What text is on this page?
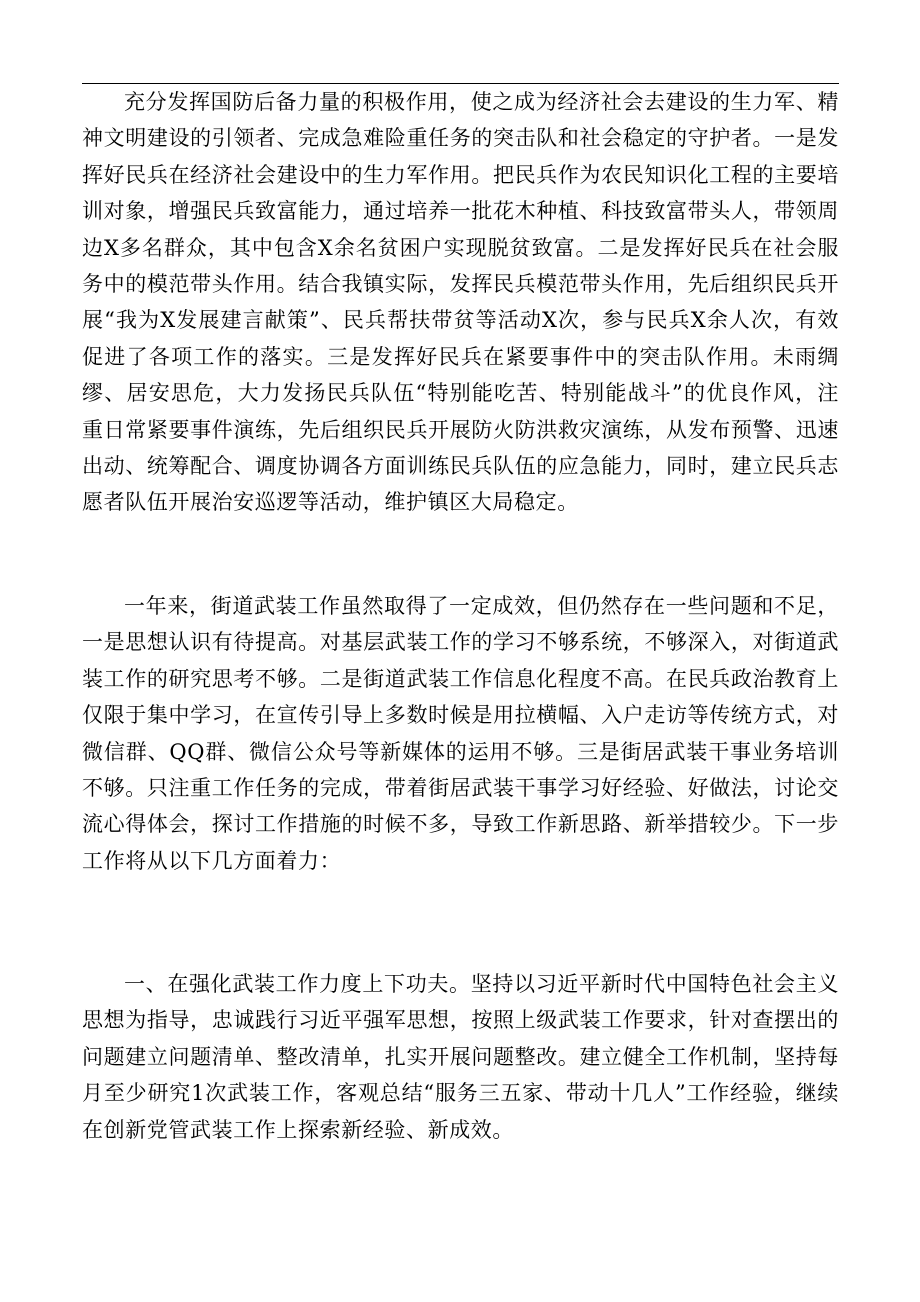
充分发挥国防后备力量的积极作用，使之成为经济社会去建设的生力军、精神文明建设的引领者、完成急难险重任务的突击队和社会稳定的守护者。一是发挥好民兵在经济社会建设中的生力军作用。把民兵作为农民知识化工程的主要培训对象，增强民兵致富能力，通过培养一批花木种植、科技致富带头人，带领周边X多名群众，其中包含X余名贫困户实现脱贫致富。二是发挥好民兵在社会服务中的模范带头作用。结合我镇实际，发挥民兵模范带头作用，先后组织民兵开展“我为X发展建言献策”、民兵帮扶带贫等活动X次，参与民兵X余人次，有效促进了各项工作的落实。三是发挥好民兵在紧要事件中的突击队作用。未雨绸缪、居安思危，大力发扬民兵队伍“特别能吃苦、特别能战斗”的优良作风，注重日常紧要事件演练，先后组织民兵开展防火防洪救灾演练，从发布预警、迅速出动、统筹配合、调度协调各方面训练民兵队伍的应急能力，同时，建立民兵志愿者队伍开展治安巡逻等活动，维护镇区大局稳定。

一年来，街道武装工作虽然取得了一定成效，但仍然存在一些问题和不足，一是思想认识有待提高。对基层武装工作的学习不够系统，不够深入，对街道武装工作的研究思考不够。二是街道武装工作信息化程度不高。在民兵政治教育上仅限于集中学习，在宣传引导上多数时候是用拉横幅、入户走访等传统方式，对微信群、QQ群、微信公众号等新媒体的运用不够。三是街居武装干事业务培训不够。只注重工作任务的完成，带着街居武装干事学习好经验、好做法，讨论交流心得体会，探讨工作措施的时候不多，导致工作新思路、新举措较少。下一步工作将从以下几方面着力：

一、在强化武装工作力度上下功夫。坚持以习近平新时代中国特色社会主义思想为指导，忠诚践行习近平强军思想，按照上级武装工作要求，针对查摆出的问题建立问题清单、整改清单，扎实开展问题整改。建立健全工作机制，坚持每月至少研究1次武装工作，客观总结“服务三五家、带动十几人”工作经验，继续在创新党管武装工作上探索新经验、新成效。
